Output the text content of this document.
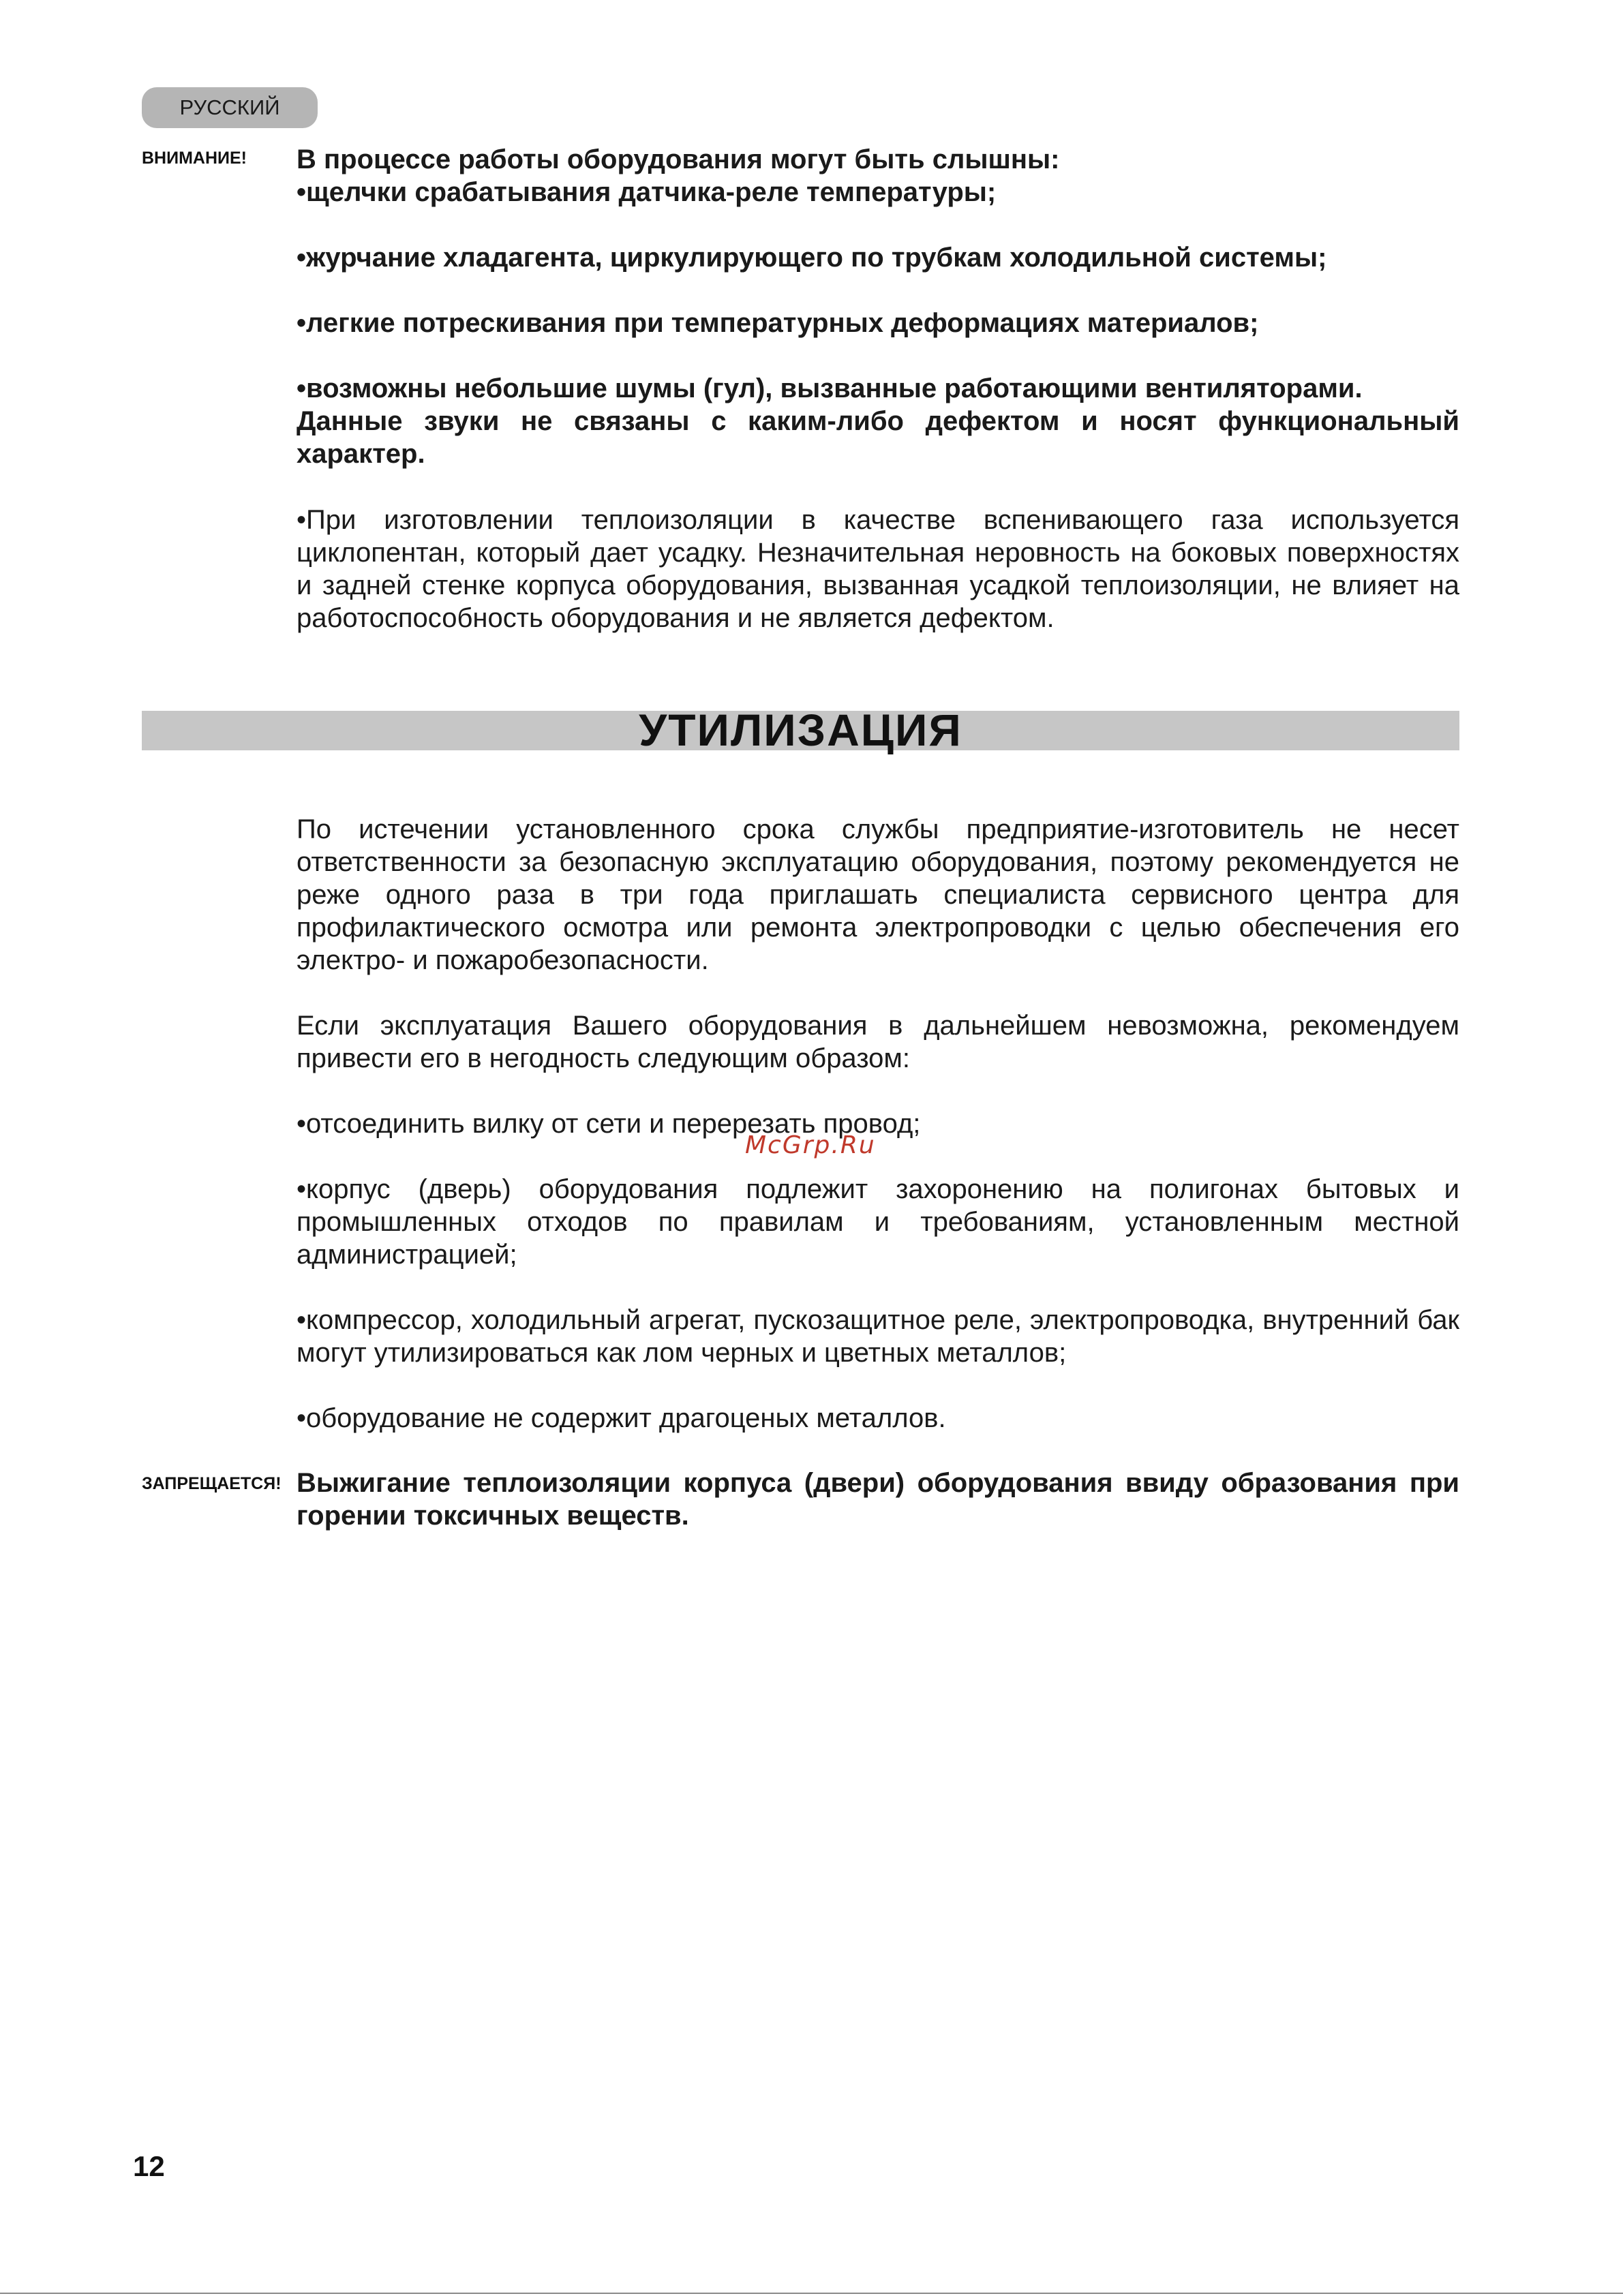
РУССКИЙ
ВНИМАНИЕ! В процессе работы оборудования могут быть слышны:

•щелчки срабатывания датчика-реле температуры;

•журчание хладагента, циркулирующего по трубкам холодильной системы;

•легкие потрескивания при температурных деформациях материалов;

•возможны небольшие шумы (гул), вызванные работающими вентиляторами.

Данные звуки не связаны с каким-либо дефектом и носят функциональный характер.

•При изготовлении теплоизоляции в качестве вспенивающего газа используется циклопентан, который дает усадку. Незначительная неровность на боковых поверхностях и задней стенке корпуса оборудования, вызванная усадкой теплоизоляции, не влияет на работоспособность оборудования и не является дефектом.

УТИЛИЗАЦИЯ

По истечении установленного срока службы предприятие-изготовитель не несет ответственности за безопасную эксплуатацию оборудования, поэтому рекомендуется не реже одного раза в три года приглашать специалиста сервисного центра для профилактического осмотра или ремонта электропроводки с целью обеспечения его электро- и пожаробезопасности.

Если эксплуатация Вашего оборудования в дальнейшем невозможна, рекомендуем привести его в негодность следующим образом:

•отсоединить вилку от сети и перерезать провод;

•корпус (дверь) оборудования подлежит захоронению на полигонах бытовых и промышленных отходов по правилам и требованиям, установленным местной администрацией;

•компрессор, холодильный агрегат, пускозащитное реле, электропроводка, внутренний бак могут утилизироваться как лом черных и цветных металлов;

•оборудование не содержит драгоценых металлов.

ЗАПРЕЩАЕТСЯ! Выжигание теплоизоляции корпуса (двери) оборудования ввиду образования при горении токсичных веществ.

McGrp.Ru
12
